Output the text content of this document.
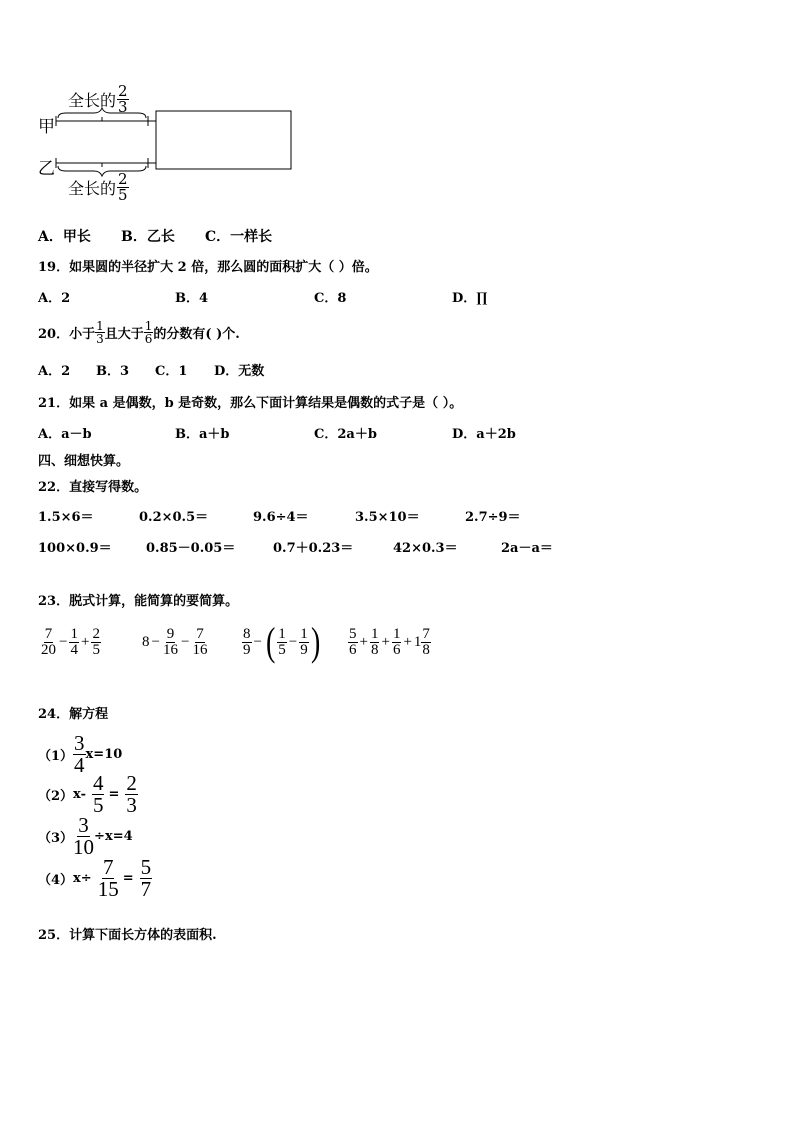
全长的 $\frac{2}{3}$
甲
乙
全长的 $\frac{2}{5}$
A．甲长 B．乙长 C．一样长
19．如果圆的半径扩大 2 倍，那么圆的面积扩大（ ）倍。
A．2	B．4	C．8	D．∏
20．小于 $\frac{1}{3}$ 且大于 $\frac{1}{6}$ 的分数有( )个.
A．2 B．3 C．1 D．无数
21．如果 a 是偶数，b 是奇数，那么下面计算结果是偶数的式子是（ ）。
A．a－b	B．a＋b	C．2a＋b	D．a＋2b
四、细想快算。
22．直接写得数。
1.5×6＝	0.2×0.5＝	9.6÷4＝	3.5×10＝	2.7÷9＝
100×0.9＝	0.85－0.05＝	0.7＋0.23＝	42×0.3＝	2a－a＝
23．脱式计算，能简算的要简算。
$\frac{7}{20} - \frac{1}{4} + \frac{2}{5}$	$8 - \frac{9}{16} - \frac{7}{16} \frac{8}{9}$ − ( $\frac{1}{5} - \frac{1}{9}$ ) $\frac{5}{6} + \frac{1}{8} + \frac{1}{6} + 1 \frac{7}{8}$
24．解方程
（1）
3
4 x=10
（2） $x- \frac{4}{5} = \frac{2}{3}$
$(3) \frac{3}{10} \div x=4$
（4） $x\div \frac{7}{15} = \frac{5}{7}$
25．计算下面长方体的表面积.
